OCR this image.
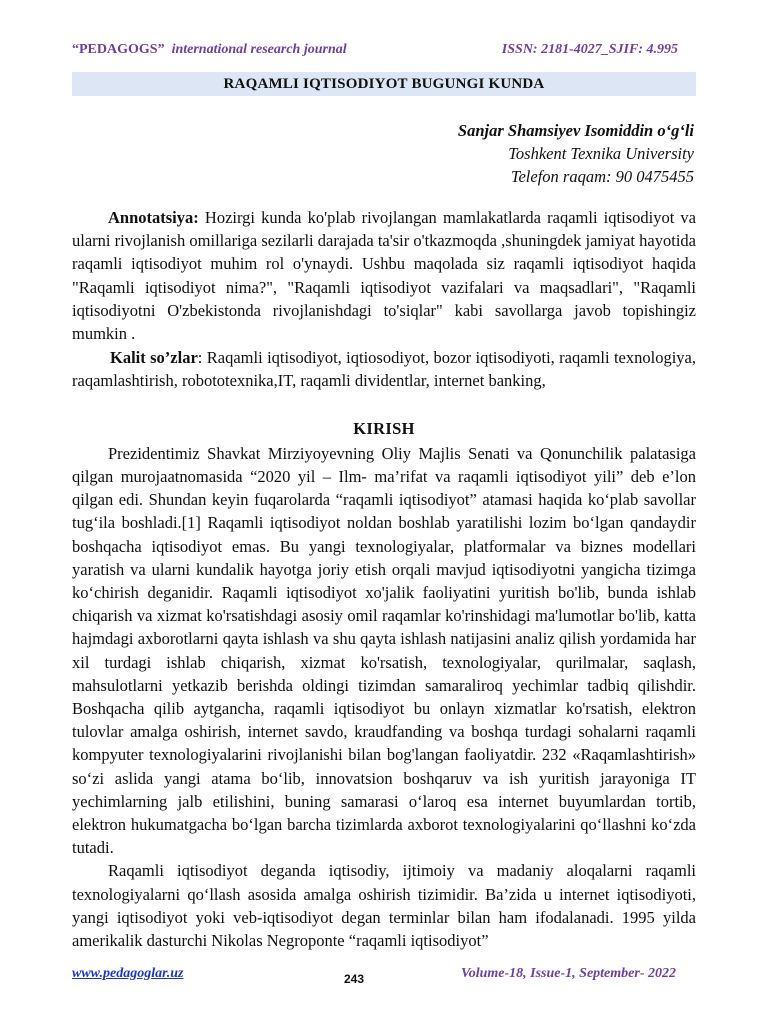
“PEDAGOGS” international research journal	ISSN: 2181-4027_SJIF: 4.995
RAQAMLI IQTISODIYOT BUGUNGI KUNDA
Sanjar Shamsiyev Isomiddin o‘g‘li
Toshkent Texnika University
Telefon raqam: 90 0475455

Annotatsiya: Hozirgi kunda ko'plab rivojlangan mamlakatlarda raqamli iqtisodiyot va ularni rivojlanish omillariga sezilarli darajada ta'sir o'tkazmoqda ,shuningdek jamiyat hayotida raqamli iqtisodiyot muhim rol o'ynaydi. Ushbu maqolada siz raqamli iqtisodiyot haqida "Raqamli iqtisodiyot nima?", "Raqamli iqtisodiyot vazifalari va maqsadlari", "Raqamli iqtisodiyotni O'zbekistonda rivojlanishdagi to'siqlar" kabi savollarga javob topishingiz mumkin .

Kalit so’zlar: Raqamli iqtisodiyot, iqtiosodiyot, bozor iqtisodiyoti, raqamli texnologiya, raqamlashtirish, robototexnika,IT, raqamli dividentlar, internet banking,

KIRISH

Prezidentimiz Shavkat Mirziyoyevning Oliy Majlis Senati va Qonunchilik palatasiga qilgan murojaatnomasida “2020 yil – Ilm- ma’rifat va raqamli iqtisodiyot yili” deb e’lon qilgan edi. Shundan keyin fuqarolarda “raqamli iqtisodiyot” atamasi haqida ko‘plab savollar tug‘ila boshladi.[1] Raqamli iqtisodiyot noldan boshlab yaratilishi lozim bo‘lgan qandaydir boshqacha iqtisodiyot emas. Bu yangi texnologiyalar, platformalar va biznes modellari yaratish va ularni kundalik hayotga joriy etish orqali mavjud iqtisodiyotni yangicha tizimga ko‘chirish deganidir. Raqamli iqtisodiyot xo'jalik faoliyatini yuritish bo'lib, bunda ishlab chiqarish va xizmat ko'rsatishdagi asosiy omil raqamlar ko'rinshidagi ma'lumotlar bo'lib, katta hajmdagi axborotlarni qayta ishlash va shu qayta ishlash natijasini analiz qilish yordamida har xil turdagi ishlab chiqarish, xizmat ko'rsatish, texnologiyalar, qurilmalar, saqlash, mahsulotlarni yetkazib berishda oldingi tizimdan samaraliroq yechimlar tadbiq qilishdir. Boshqacha qilib aytgancha, raqamli iqtisodiyot bu onlayn xizmatlar ko'rsatish, elektron tulovlar amalga oshirish, internet savdo, kraudfanding va boshqa turdagi sohalarni raqamli kompyuter texnologiyalarini rivojlanishi bilan bog'langan faoliyatdir. 232 «Raqamlashtirish» so‘zi aslida yangi atama bo‘lib, innovatsion boshqaruv va ish yuritish jarayoniga IT yechimlarning jalb etilishini, buning samarasi o‘laroq esa internet buyumlardan tortib, elektron hukumatgacha bo‘lgan barcha tizimlarda axborot texnologiyalarini qo‘llashni ko‘zda tutadi.

Raqamli iqtisodiyot deganda iqtisodiy, ijtimoiy va madaniy aloqalarni raqamli texnologiyalarni qo‘llash asosida amalga oshirish tizimidir. Ba’zida u internet iqtisodiyoti, yangi iqtisodiyot yoki veb-iqtisodiyot degan terminlar bilan ham ifodalanadi. 1995 yilda amerikalik dasturchi Nikolas Negroponte “raqamli iqtisodiyot”

www.pedagoglar.uz	243	Volume-18, Issue-1, September- 2022
